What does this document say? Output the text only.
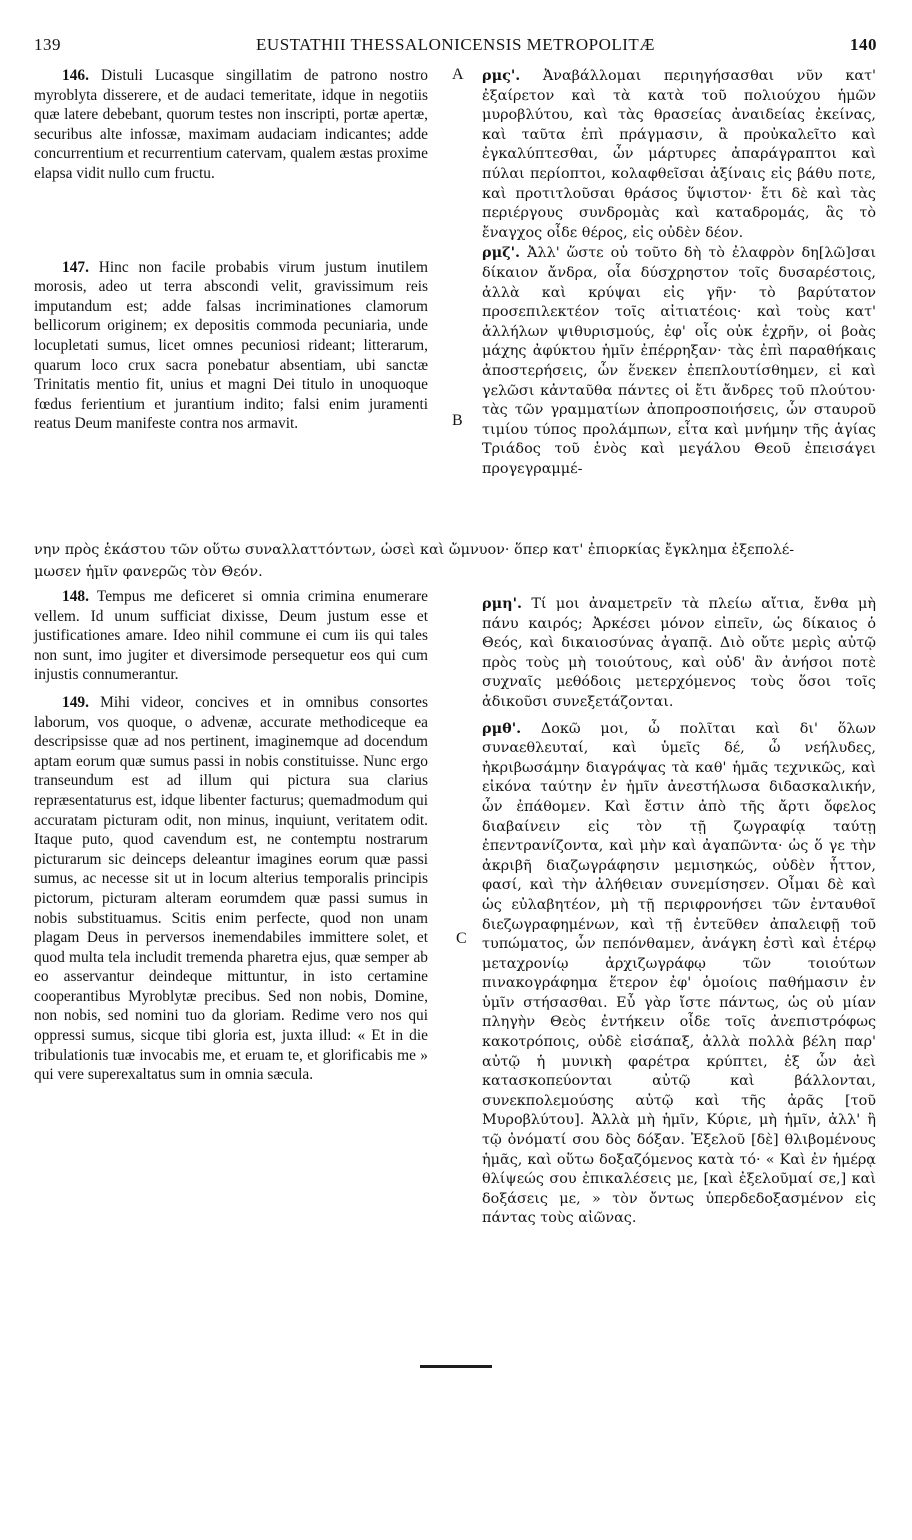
139	EUSTATHII THESSALONICENSIS METROPOLITÆ	140
A
B
C

146. Distuli Lucasque singillatim de patrono nostro myroblyta disserere, et de audaci temeritate, idque in negotiis quæ latere debebant, quorum testes non inscripti, portæ apertæ, securibus alte infossæ, maximam audaciam indicantes; adde concurrentium et recurrentium catervam, qualem æstas proxime elapsa vidit nullo cum fructu.

147. Hinc non facile probabis virum justum inutilem morosis, adeo ut terra abscondi velit, gravissimum reis imputandum est; adde falsas incriminationes clamorum bellicorum originem; ex depositis commoda pecuniaria, unde locupletati sumus, licet omnes pecuniosi rideant; litterarum, quarum loco crux sacra ponebatur absentiam, ubi sanctæ Trinitatis mentio fit, unius et magni Dei titulo in unoquoque fœdus ferientium et jurantium indito; falsi enim juramenti reatus Deum manifeste contra nos armavit.

ρμς'. Ἀναβάλλομαι περιηγήσασθαι νῦν κατ' ἐξαίρετον καὶ τὰ κατὰ τοῦ πολιούχου ἡμῶν μυροβλύτου, καὶ τὰς θρασείας ἀναιδείας ἐκείνας, καὶ ταῦτα ἐπὶ πράγμασιν, ἃ προὐκαλεῖτο καὶ ἐγκαλύπτεσθαι, ὧν μάρτυρες ἀπαράγραπτοι καὶ πύλαι περίοπτοι, κολαφθεῖσαι ἀξίναις εἰς βάθυ ποτε, καὶ προτιτλοῦσαι θράσος ὕψιστον· ἔτι δὲ καὶ τὰς περιέργους συνδρομὰς καὶ καταδρομάς, ἃς τὸ ἔναγχος οἶδε θέρος, εἰς οὐδὲν δέον.

ρμζ'. Ἀλλ' ὥστε οὐ τοῦτο δὴ τὸ ἐλαφρὸν δη[λῶ]σαι δίκαιον ἄνδρα, οἷα δύσχρηστον τοῖς δυσαρέστοις, ἀλλὰ καὶ κρύψαι εἰς γῆν· τὸ βαρύτατον προσεπιλεκτέον τοῖς αἰτιατέοις· καὶ τοὺς κατ' ἀλλήλων ψιθυρισμούς, ἐφ' οἷς οὐκ ἐχρῆν, οἱ βοὰς μάχης ἀφύκτου ἡμῖν ἐπέρρηξαν· τὰς ἐπὶ παραθήκαις ἀποστερήσεις, ὧν ἕνεκεν ἐπεπλουτίσθημεν, εἰ καὶ γελῶσι κἀνταῦθα πάντες οἱ ἔτι ἄνδρες τοῦ πλούτου· τὰς τῶν γραμματίων ἀποπροσποιήσεις, ὧν σταυροῦ τιμίου τύπος προλάμπων, εἶτα καὶ μνήμην τῆς ἁγίας Τριάδος τοῦ ἑνὸς καὶ μεγάλου Θεοῦ ἐπεισάγει προγεγραμμέ-

νην πρὸς ἑκάστου τῶν οὕτω συναλλαττόντων, ὡσεὶ καὶ ὤμνυον· ὅπερ κατ' ἐπιορκίας ἔγκλημα ἐξεπολέ-
μωσεν ἡμῖν φανερῶς τὸν Θεόν.

148. Tempus me deficeret si omnia crimina enumerare vellem. Id unum sufficiat dixisse, Deum justum esse et justificationes amare. Ideo nihil commune ei cum iis qui tales non sunt, imo jugiter et diversimode persequetur eos qui cum injustis connumerantur.

149. Mihi videor, concives et in omnibus consortes laborum, vos quoque, o advenæ, accurate methodiceque ea descripsisse quæ ad nos pertinent, imaginemque ad docendum aptam eorum quæ sumus passi in nobis constituisse. Nunc ergo transeundum est ad illum qui pictura sua clarius repræsentaturus est, idque libenter facturus; quemadmodum qui accuratam picturam odit, non minus, inquiunt, veritatem odit. Itaque puto, quod cavendum est, ne contemptu nostrarum picturarum sic deinceps deleantur imagines eorum quæ passi sumus, ac necesse sit ut in locum alterius temporalis principis pictorum, picturam alteram eorumdem quæ passi sumus in nobis substituamus. Scitis enim perfecte, quod non unam plagam Deus in perversos inemendabiles immittere solet, et quod multa tela includit tremenda pharetra ejus, quæ semper ab eo asservantur deindeque mittuntur, in isto certamine cooperantibus Myroblytæ precibus. Sed non nobis, Domine, non nobis, sed nomini tuo da gloriam. Redime vero nos qui oppressi sumus, sicque tibi gloria est, juxta illud: « Et in die tribulationis tuæ invocabis me, et eruam te, et glorificabis me » qui vere superexaltatus sum in omnia sæcula.

ρμη'. Τί μοι ἀναμετρεῖν τὰ πλείω αἴτια, ἔνθα μὴ πάνυ καιρός; Ἀρκέσει μόνον εἰπεῖν, ὡς δίκαιος ὁ Θεός, καὶ δικαιοσύνας ἀγαπᾷ. Διὸ οὔτε μερὶς αὐτῷ πρὸς τοὺς μὴ τοιούτους, καὶ οὐδ' ἂν ἀνήσοι ποτὲ συχναῖς μεθόδοις μετερχόμενος τοὺς ὅσοι τοῖς ἀδικοῦσι συνεξετάζονται.

ρμθ'. Δοκῶ μοι, ὦ πολῖται καὶ δι' ὅλων συναεθλευταί, καὶ ὑμεῖς δέ, ὦ νεήλυδες, ἠκριβωσάμην διαγράψας τὰ καθ' ἡμᾶς τεχνικῶς, καὶ εἰκόνα ταύτην ἐν ἡμῖν ἀνεστήλωσα διδασκαλικήν, ὧν ἐπάθομεν. Καὶ ἔστιν ἀπὸ τῆς ἄρτι ὄφελος διαβαίνειν εἰς τὸν τῇ ζωγραφίᾳ ταύτῃ ἐπεντρανίζοντα, καὶ μὴν καὶ ἀγαπῶντα· ὡς ὅ γε τὴν ἀκριβῆ διαζωγράφησιν μεμισηκώς, οὐδὲν ἧττον, φασί, καὶ τὴν ἀλήθειαν συνεμίσησεν. Οἶμαι δὲ καὶ ὡς εὐλαβητέον, μὴ τῇ περιφρονήσει τῶν ἐνταυθοῖ διεζωγραφημένων, καὶ τῇ ἐντεῦθεν ἀπαλειφῇ τοῦ τυπώματος, ὧν πεπόνθαμεν, ἀνάγκη ἐστὶ καὶ ἑτέρῳ μεταχρονίῳ ἀρχιζωγράφῳ τῶν τοιούτων πινακογράφημα ἕτερον ἐφ' ὁμοίοις παθήμασιν ἐν ὑμῖν στήσασθαι. Εὖ γὰρ ἴστε πάντως, ὡς οὐ μίαν πληγὴν Θεὸς ἐντήκειν οἶδε τοῖς ἀνεπιστρόφως κακοτρόποις, οὐδὲ εἰσάπαξ, ἀλλὰ πολλὰ βέλη παρ' αὐτῷ ἡ μυνικὴ φαρέτρα κρύπτει, ἐξ ὧν ἀεὶ κατασκοπεύονται αὐτῷ καὶ βάλλονται, συνεκπολεμούσης αὐτῷ καὶ τῆς ἀρᾶς [τοῦ Μυροβλύτου]. Ἀλλὰ μὴ ἡμῖν, Κύριε, μὴ ἡμῖν, ἀλλ' ἢ τῷ ὀνόματί σου δὸς δόξαν. Ἐξελοῦ [δὲ] θλιβομένους ἡμᾶς, καὶ οὕτω δοξαζόμενος κατὰ τό· « Καὶ ἐν ἡμέρᾳ θλίψεώς σου ἐπικαλέσεις με, [καὶ ἐξελοῦμαί σε,] καὶ δοξάσεις με, » τὸν ὄντως ὑπερδεδοξασμένον εἰς πάντας τοὺς αἰῶνας.
